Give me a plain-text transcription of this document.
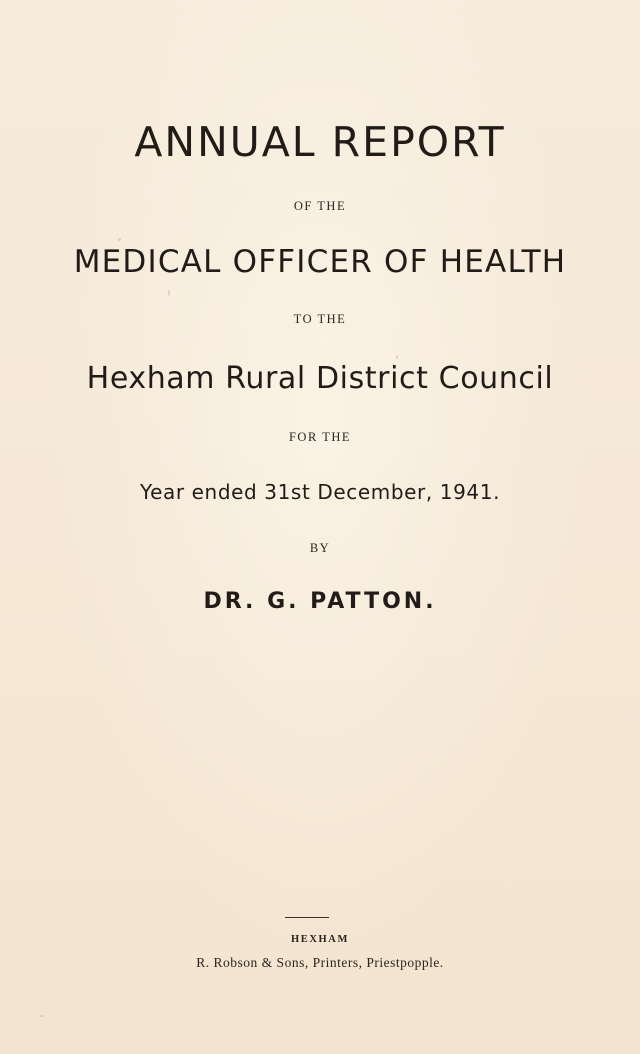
ANNUAL REPORT
OF THE
MEDICAL OFFICER OF HEALTH
TO THE
Hexham Rural District Council
FOR THE
Year ended 31st December, 1941.
BY
DR. G. PATTON.
HEXHAM
R. Robson & Sons, Printers, Priestpopple.
